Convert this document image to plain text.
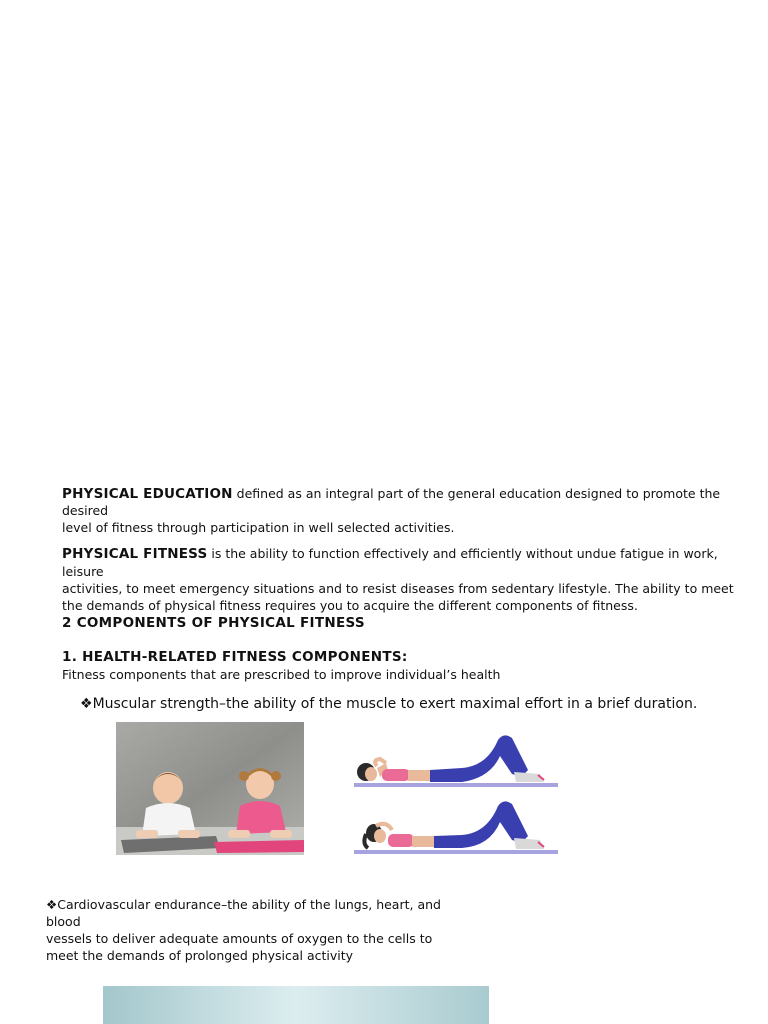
PHYSICAL EDUCATION defined as an integral part of the general education designed to promote the
desired
level of fitness through participation in well selected activities.
PHYSICAL FITNESS is the ability to function effectively and efficiently without undue fatigue in work,
leisure
activities, to meet emergency situations and to resist diseases from sedentary lifestyle. The ability to meet
the demands of physical fitness requires you to acquire the different components of fitness.
2 COMPONENTS OF PHYSICAL FITNESS
1. HEALTH-RELATED FITNESS COMPONENTS:
Fitness components that are prescribed to improve individual’s health
❖Muscular strength–the ability of the muscle to exert maximal effort in a brief duration.
❖Cardiovascular endurance–the ability of the lungs, heart, and
blood
vessels to deliver adequate amounts of oxygen to the cells to
meet the demands of prolonged physical activity
